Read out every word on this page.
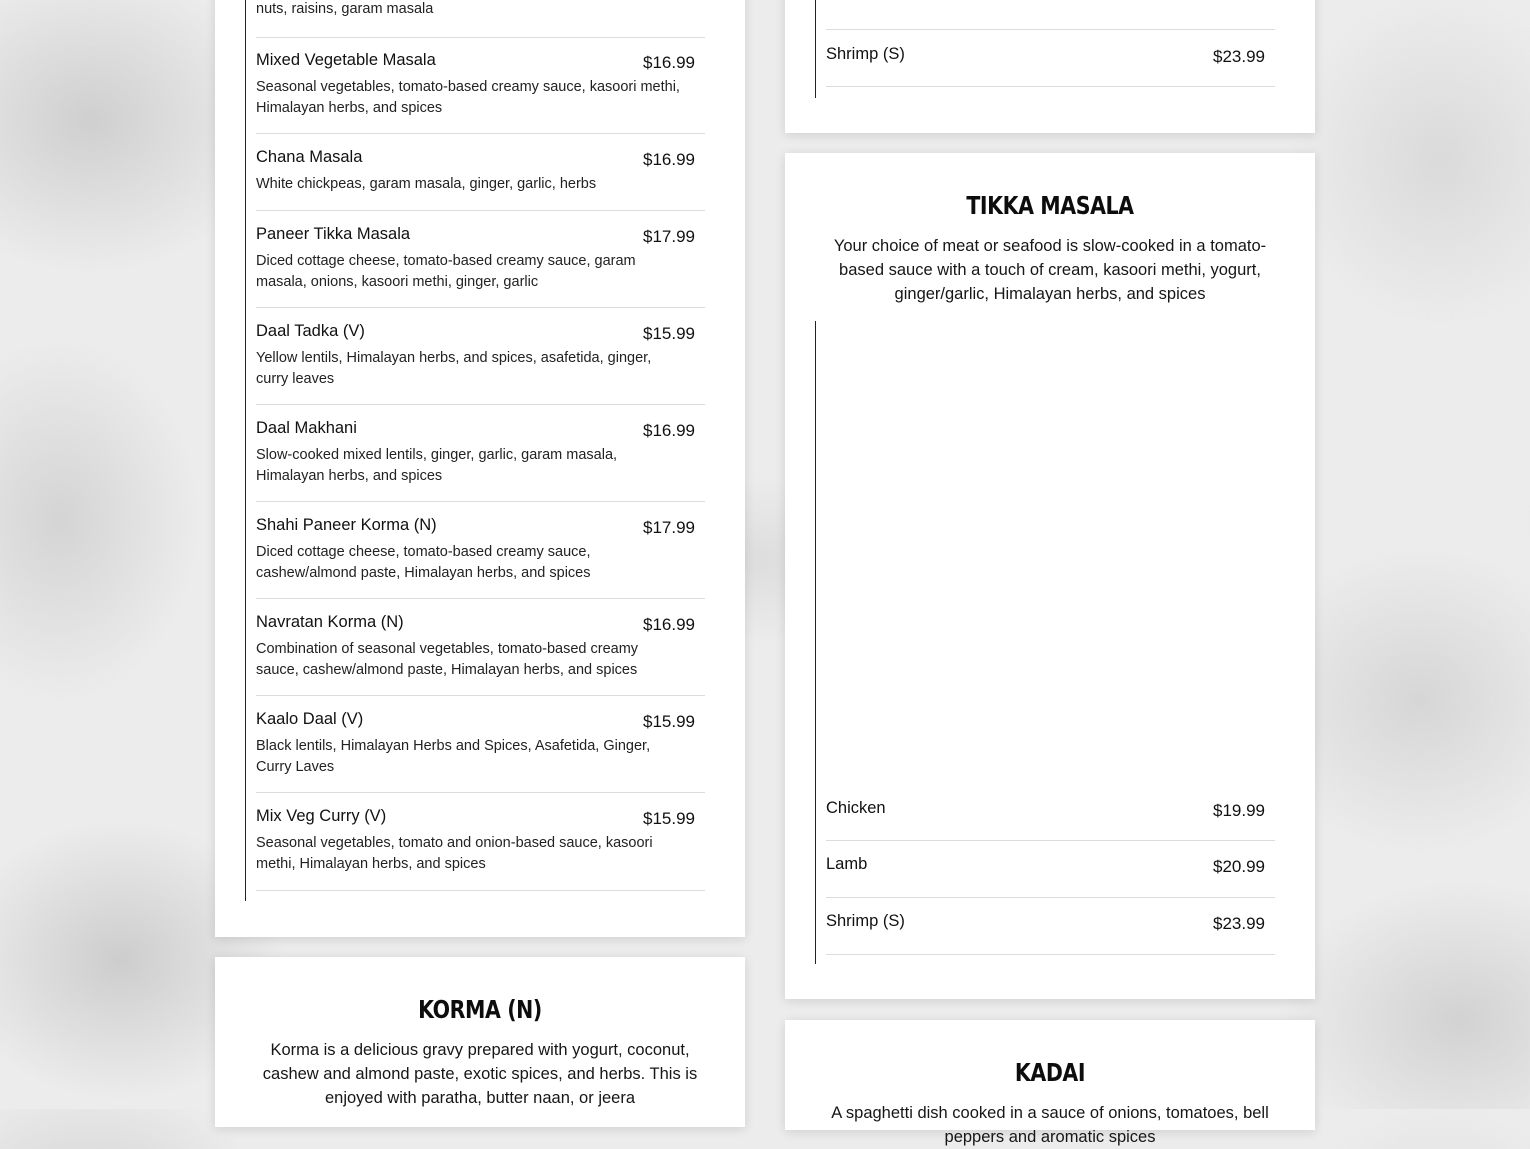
nuts, raisins, garam masala
Mixed Vegetable Masala	$16.99
Seasonal vegetables, tomato-based creamy sauce, kasoori methi, Himalayan herbs, and spices
Chana Masala	$16.99
White chickpeas, garam masala, ginger, garlic, herbs
Paneer Tikka Masala	$17.99
Diced cottage cheese, tomato-based creamy sauce, garam masala, onions, kasoori methi, ginger, garlic
Daal Tadka (V)	$15.99
Yellow lentils, Himalayan herbs, and spices, asafetida, ginger, curry leaves
Daal Makhani	$16.99
Slow-cooked mixed lentils, ginger, garlic, garam masala, Himalayan herbs, and spices
Shahi Paneer Korma (N)	$17.99
Diced cottage cheese, tomato-based creamy sauce, cashew/almond paste, Himalayan herbs, and spices
Navratan Korma (N)	$16.99
Combination of seasonal vegetables, tomato-based creamy sauce, cashew/almond paste, Himalayan herbs, and spices
Kaalo Daal (V)	$15.99
Black lentils, Himalayan Herbs and Spices, Asafetida, Ginger, Curry Laves
Mix Veg Curry (V)	$15.99
Seasonal vegetables, tomato and onion-based sauce, kasoori methi, Himalayan herbs, and spices
KORMA (N)
Korma is a delicious gravy prepared with yogurt, coconut, cashew and almond paste, exotic spices, and herbs. This is enjoyed with paratha, butter naan, or jeera
Shrimp (S)	$23.99
TIKKA MASALA
Your choice of meat or seafood is slow-cooked in a tomato-based sauce with a touch of cream, kasoori methi, yogurt, ginger/garlic, Himalayan herbs, and spices
Chicken	$19.99
Lamb	$20.99
Shrimp (S)	$23.99
KADAI
A spaghetti dish cooked in a sauce of onions, tomatoes, bell peppers and aromatic spices
